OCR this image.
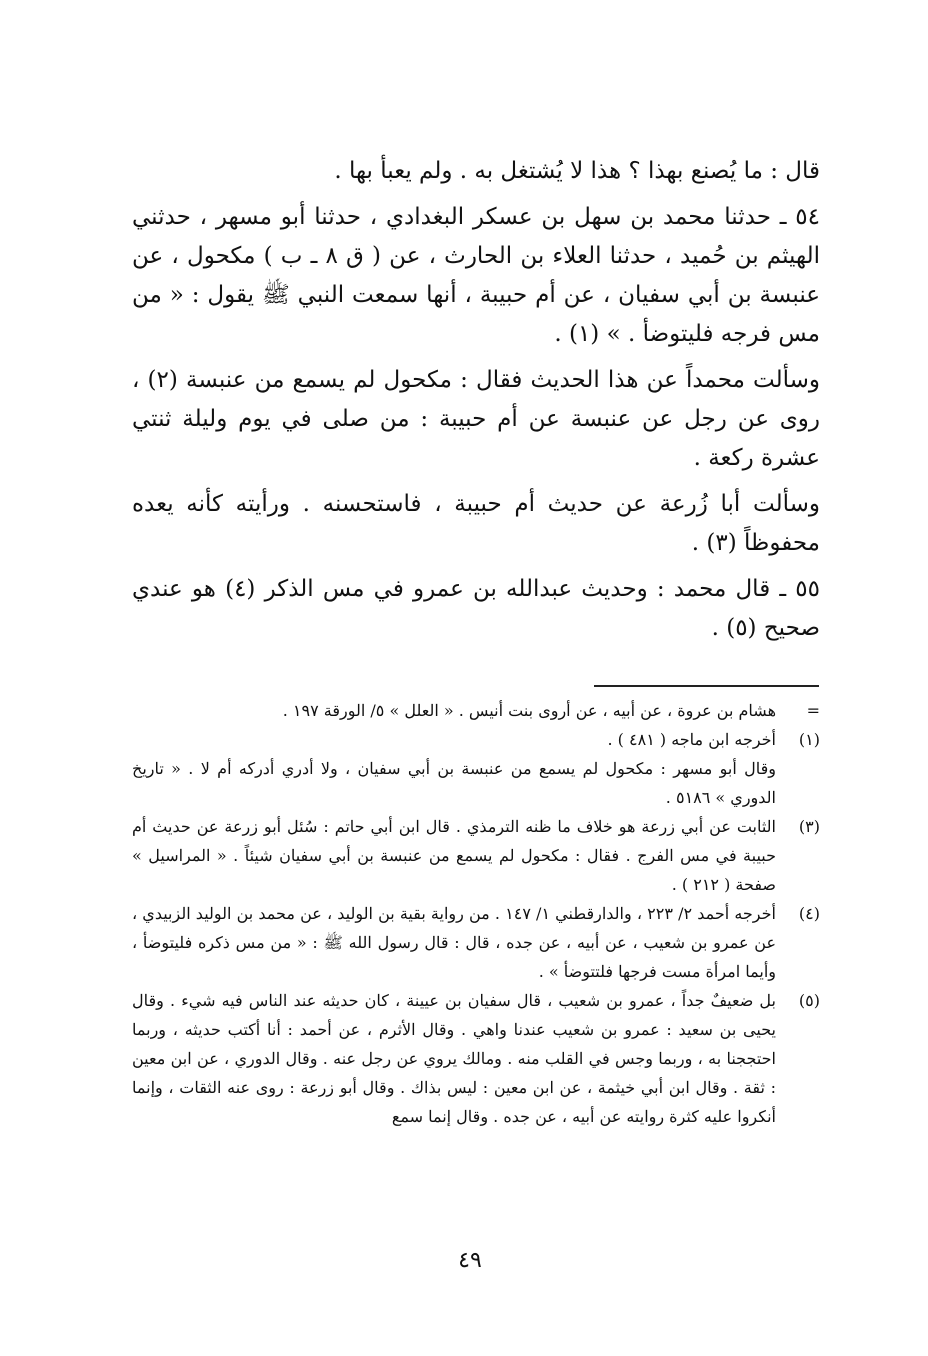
قال : ما يُصنع بهذا ؟ هذا لا يُشتغل به . ولم يعبأ بها .

٥٤ ـ حدثنا محمد بن سهل بن عسكر البغدادي ، حدثنا أبو مسهر ، حدثني الهيثم بن حُميد ، حدثنا العلاء بن الحارث ، عن ( ق ٨ ـ ب ) مكحول ، عن عنبسة بن أبي سفيان ، عن أم حبيبة ، أنها سمعت النبي ﷺ يقول : « من مس فرجه فليتوضأ . » (١) .

وسألت محمداً عن هذا الحديث فقال : مكحول لم يسمع من عنبسة (٢) ، روى عن رجل عن عنبسة عن أم حبيبة : من صلى في يوم وليلة ثنتي عشرة ركعة .

وسألت أبا زُرعة عن حديث أم حبيبة ، فاستحسنه . ورأيته كأنه يعده محفوظاً (٣) .

٥٥ ـ قال محمد : وحديث عبدالله بن عمرو في مس الذكر (٤) هو عندي صحيح (٥) .

=
هشام بن عروة ، عن أبيه ، عن أروى بنت أنيس . « العلل » ٥/ الورقة ١٩٧ .
(١)
أخرجه ابن ماجه ( ٤٨١ ) .
وقال أبو مسهر : مكحول لم يسمع من عنبسة بن أبي سفيان ، ولا أدري أدركه أم لا . « تاريخ الدوري » ٥١٨٦ .
(٣)
الثابت عن أبي زرعة هو خلاف ما ظنه الترمذي . قال ابن أبي حاتم : سُئل أبو زرعة عن حديث أم حبيبة في مس الفرج . فقال : مكحول لم يسمع من عنبسة بن أبي سفيان شيئاً . « المراسيل » صفحة ( ٢١٢ ) .
(٤)
أخرجه أحمد ٢/ ٢٢٣ ، والدارقطني ١/ ١٤٧ . من رواية بقية بن الوليد ، عن محمد بن الوليد الزبيدي ، عن عمرو بن شعيب ، عن أبيه ، عن جده ، قال : قال رسول الله ﷺ : « من مس ذكره فليتوضأ ، وأيما امرأة مست فرجها فلتتوضأ » .
(٥)
بل ضعيفٌ جداً ، عمرو بن شعيب ، قال سفيان بن عيينة ، كان حديثه عند الناس فيه شيء . وقال يحيى بن سعيد : عمرو بن شعيب عندنا واهي . وقال الأثرم ، عن أحمد : أنا أكتب حديثه ، وربما احتججنا به ، وربما وجس في القلب منه . ومالك يروي عن رجل عنه . وقال الدوري ، عن ابن معين : ثقة . وقال ابن أبي خيثمة ، عن ابن معين : ليس بذاك . وقال أبو زرعة : روى عنه الثقات ، وإنما أنكروا عليه كثرة روايته عن أبيه ، عن جده . وقال إنما سمع
٤٩
